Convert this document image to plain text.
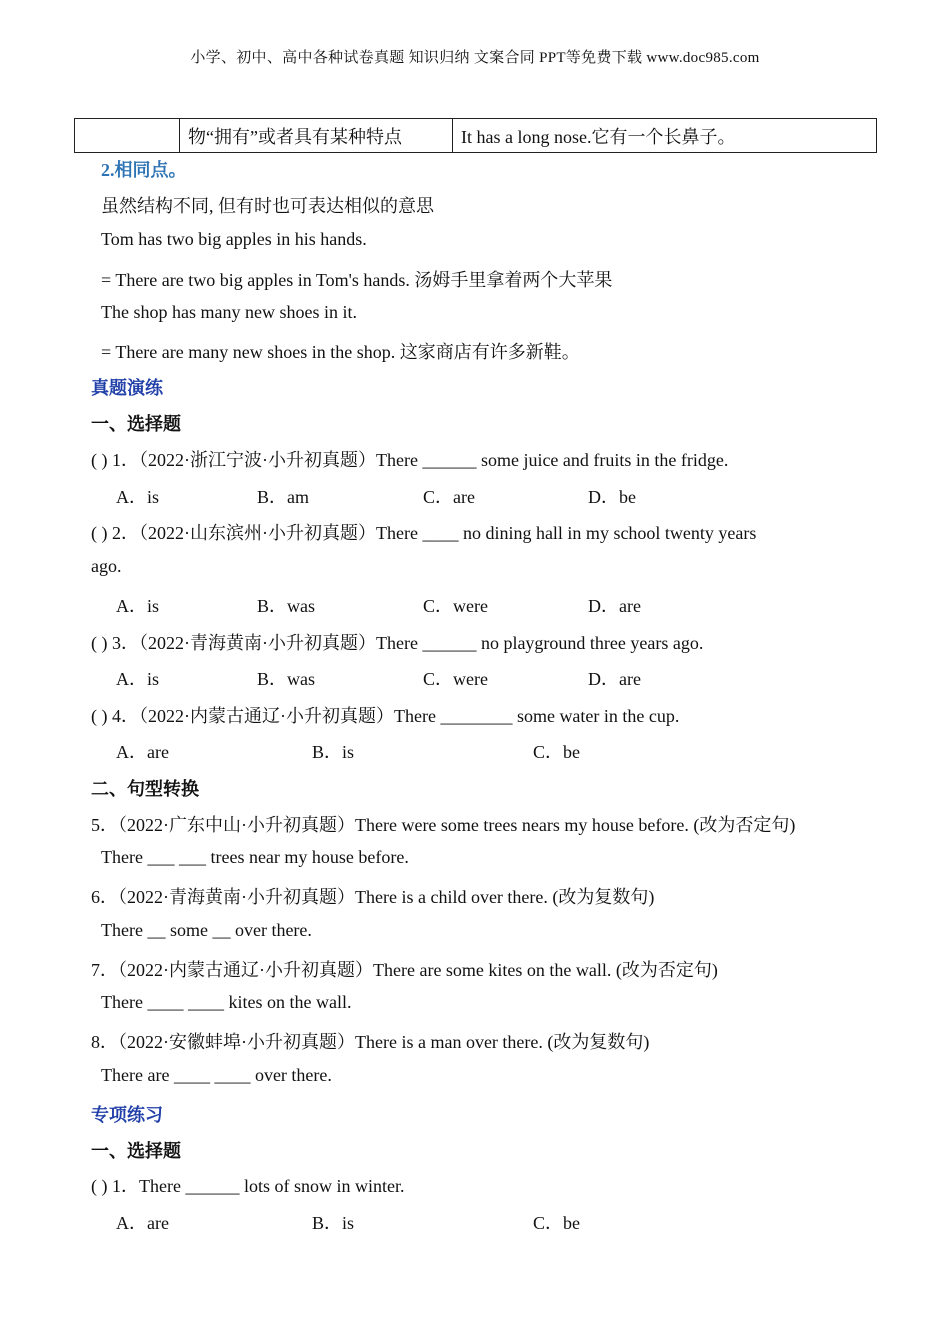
小学、初中、高中各种试卷真题 知识归纳 文案合同 PPT等免费下载 www.doc985.com
	物“拥有”或者具有某种特点	It has a long nose.它有一个长鼻子。
2.相同点。
虽然结构不同, 但有时也可表达相似的意思
Tom has two big apples in his hands.
= There are two big apples in Tom's hands. 汤姆手里拿着两个大苹果
The shop has many new shoes in it.
= There are many new shoes in the shop. 这家商店有许多新鞋。
真题演练
一、选择题
( ) 1．（2022·浙江宁波·小升初真题）There ______ some juice and fruits in the fridge.
A．is	B．am	C．are	D．be
( ) 2．（2022·山东滨州·小升初真题）There ____ no dining hall in my school twenty years
ago.
A．is	B．was	C．were	D．are
( ) 3．（2022·青海黄南·小升初真题）There ______ no playground three years ago.
A．is	B．was	C．were	D．are
( ) 4．（2022·内蒙古通辽·小升初真题）There ________ some water in the cup.
A．are	B．is	C．be
二、句型转换
5．（2022·广东中山·小升初真题）There were some trees nears my house before. (改为否定句)
There ___ ___ trees near my house before.
6．（2022·青海黄南·小升初真题）There is a child over there. (改为复数句)
There __ some __ over there.
7．（2022·内蒙古通辽·小升初真题）There are some kites on the wall. (改为否定句)
There ____ ____ kites on the wall.
8．（2022·安徽蚌埠·小升初真题）There is a man over there. (改为复数句)
There are ____ ____ over there.
专项练习
一、选择题
( ) 1．There ______ lots of snow in winter.
A．are	B．is	C．be
